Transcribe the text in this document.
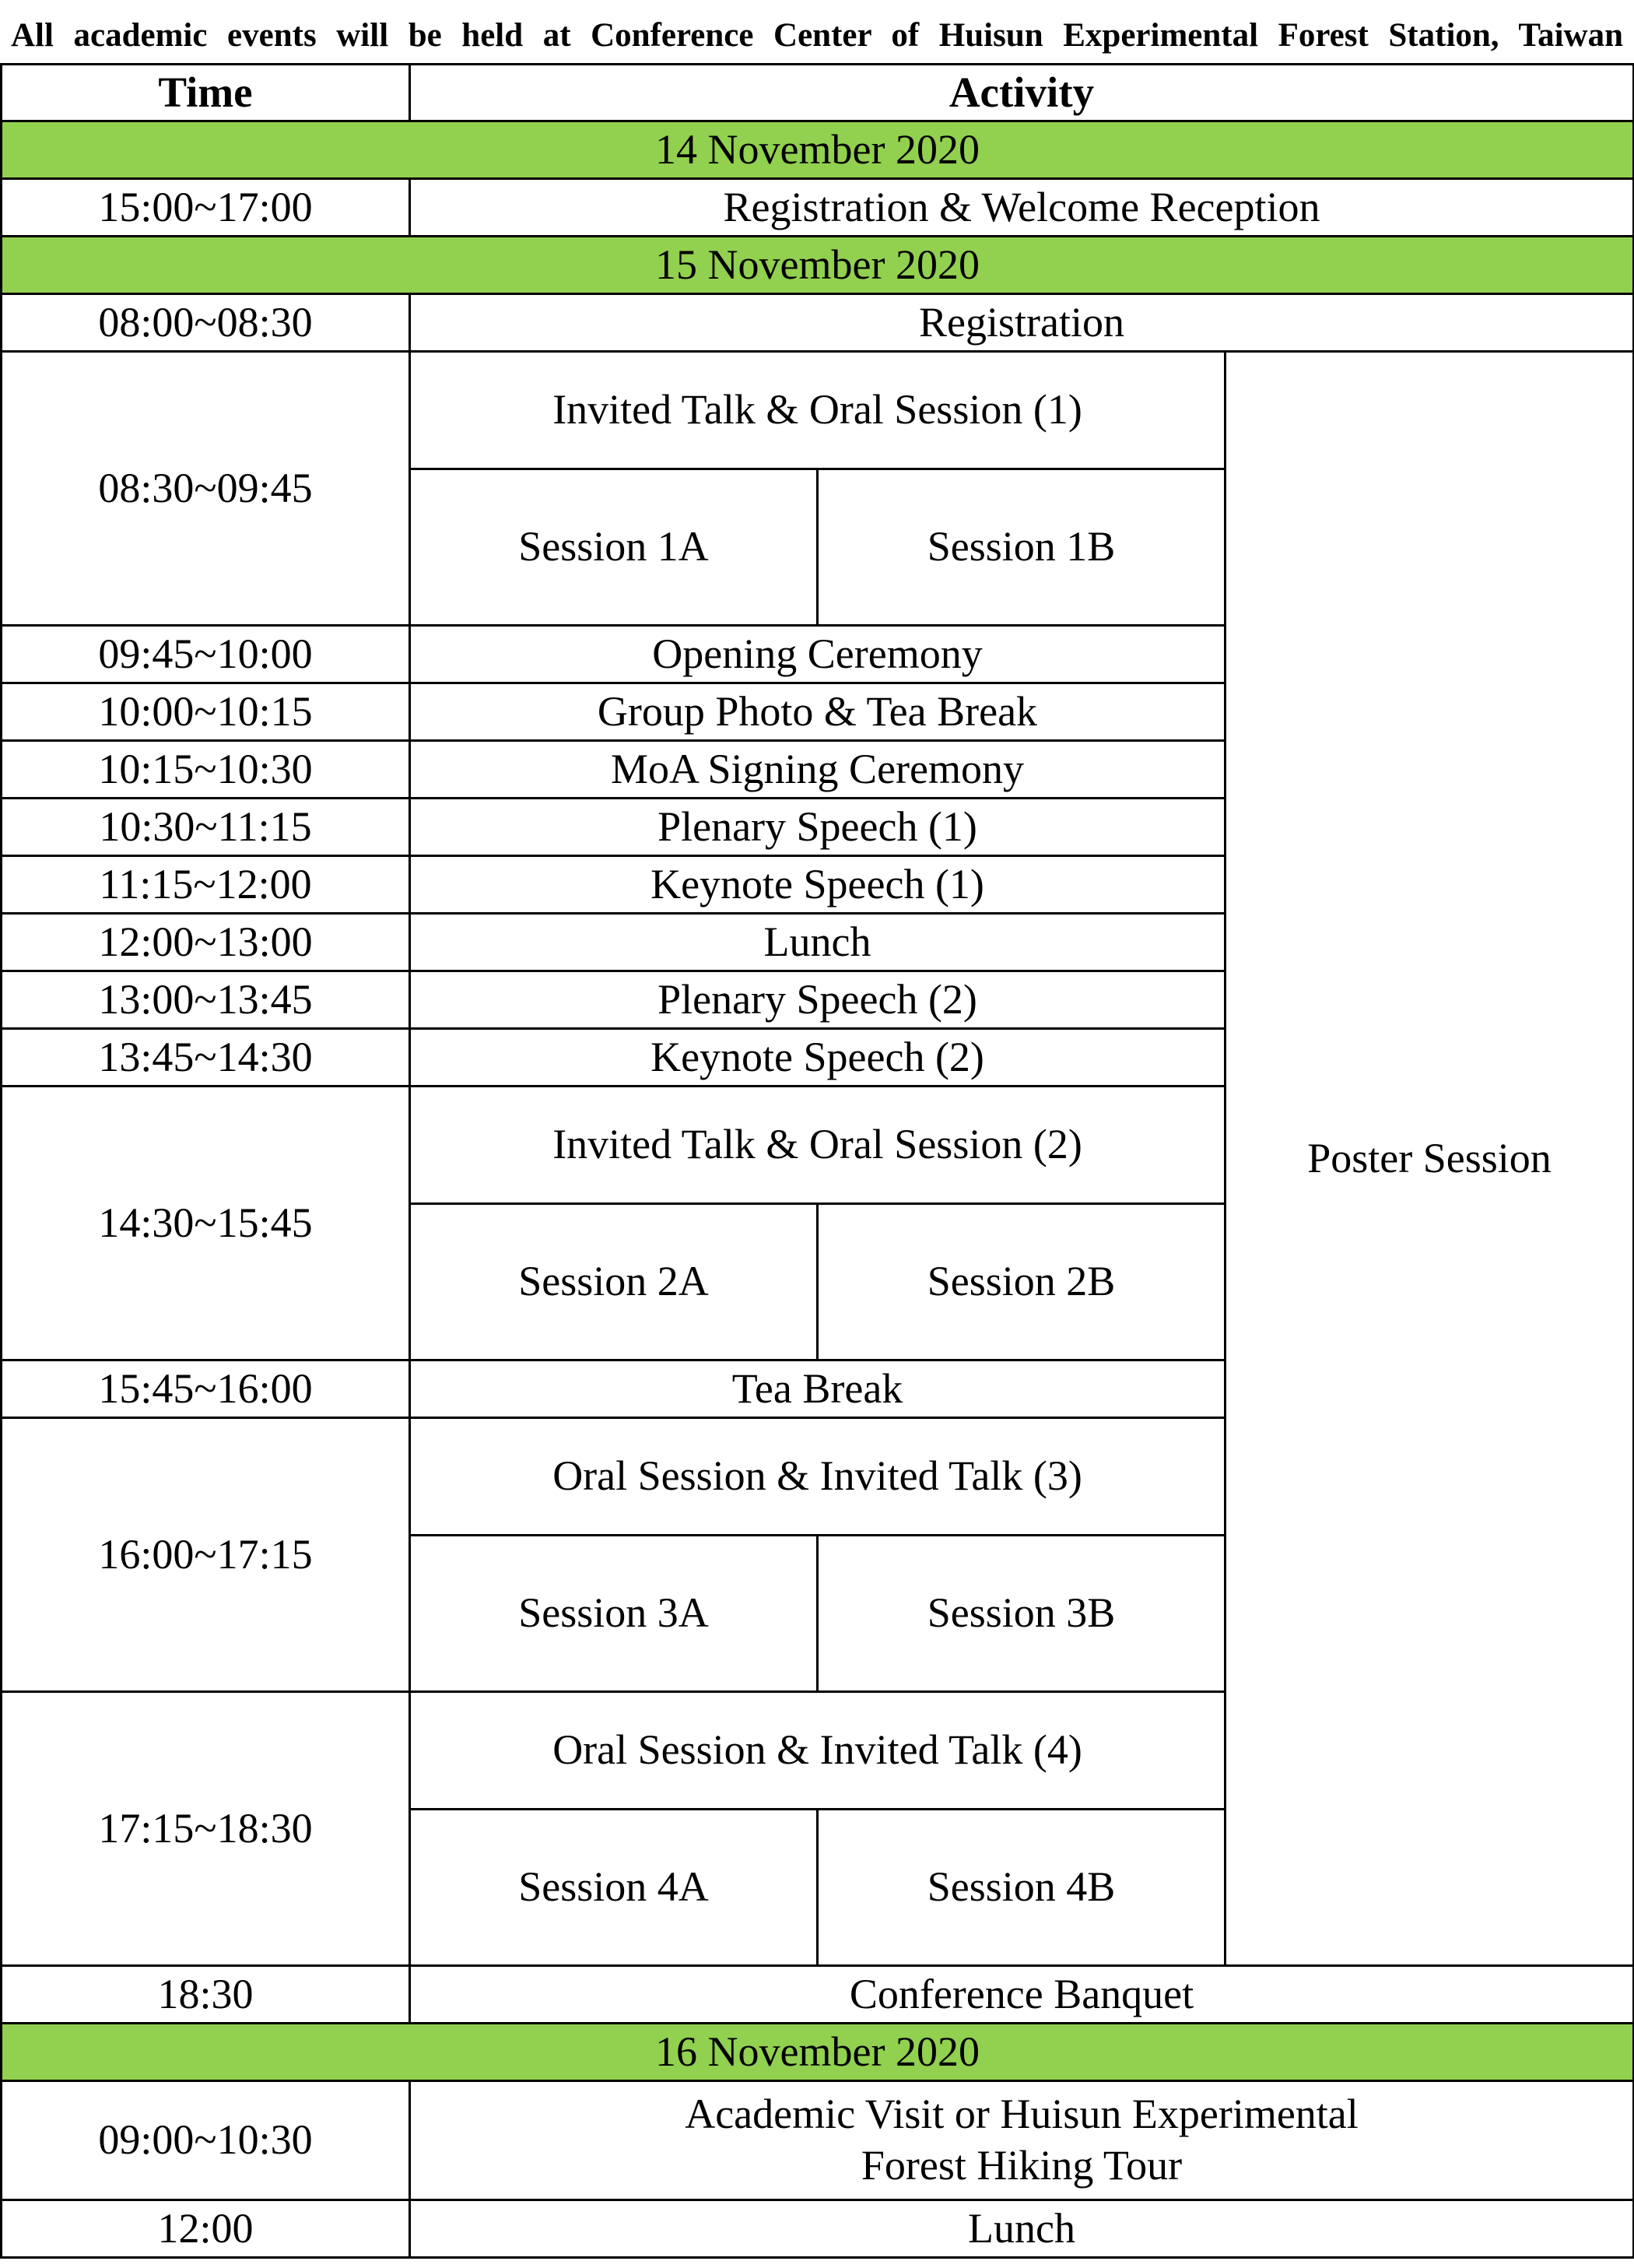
All academic events will be held at Conference Center of Huisun Experimental Forest Station, Taiwan
Time	Activity		
14 November 2020			
15:00~17:00	Registration & Welcome Reception		
15 November 2020			
08:00~08:30	Registration		
08:30~09:45	Invited Talk & Oral Session (1)		Poster Session
	Session 1A	Session 1B	
09:45~10:00	Opening Ceremony		
10:00~10:15	Group Photo & Tea Break		
10:15~10:30	MoA Signing Ceremony		
10:30~11:15	Plenary Speech (1)		
11:15~12:00	Keynote Speech (1)		
12:00~13:00	Lunch		
13:00~13:45	Plenary Speech (2)		
13:45~14:30	Keynote Speech (2)		
14:30~15:45	Invited Talk & Oral Session (2)		
	Session 2A	Session 2B	
15:45~16:00	Tea Break		
16:00~17:15	Oral Session & Invited Talk (3)		
	Session 3A	Session 3B	
17:15~18:30	Oral Session & Invited Talk (4)		
	Session 4A	Session 4B	
18:30	Conference Banquet		
16 November 2020			
09:00~10:30	Academic Visit or Huisun Experimental
Forest Hiking Tour		

12:00	Lunch		
